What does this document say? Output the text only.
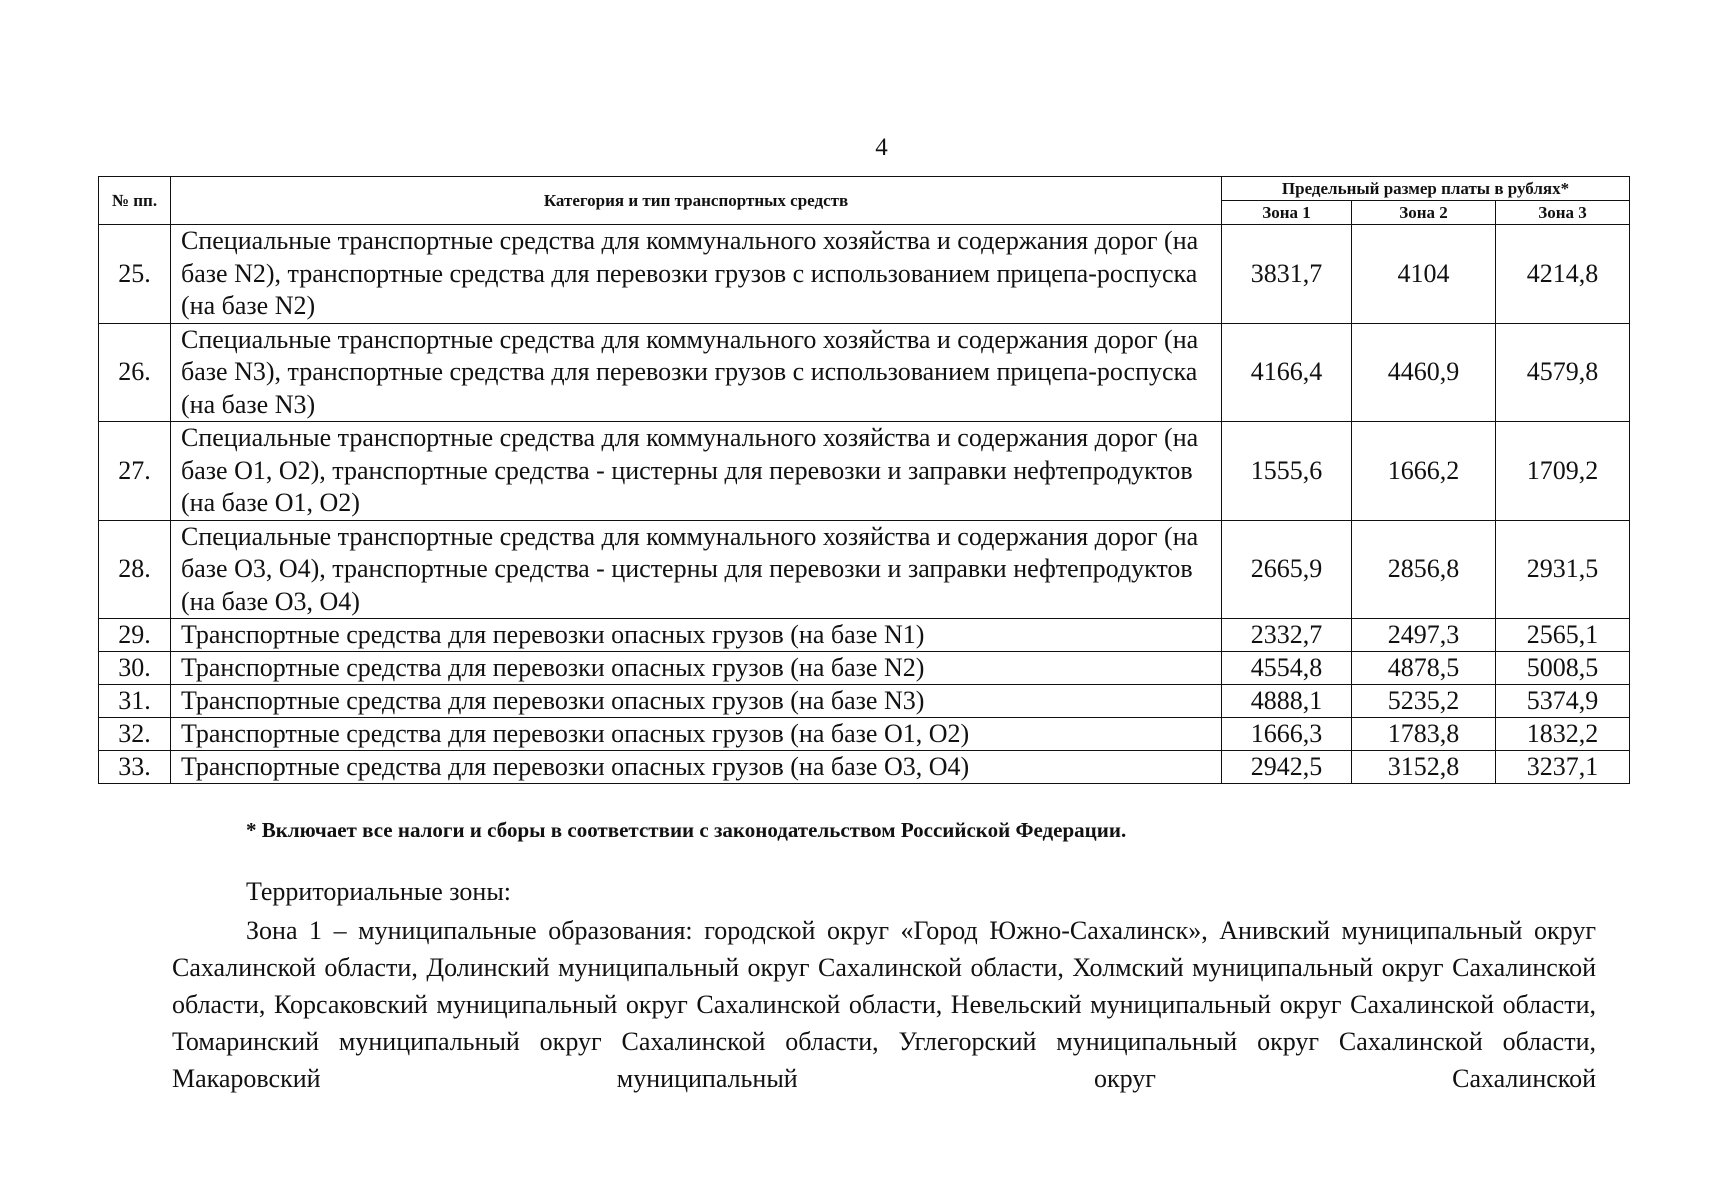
4
№ пп.	Категория и тип транспортных средств	Предельный размер платы в рублях*		
		Зона 1	Зона 2	Зона 3
25.	Специальные транспортные средства для коммунального хозяйства и содержания дорог (на базе N2), транспортные средства для перевозки грузов с использованием прицепа-роспуска (на базе N2)	3831,7	4104	4214,8
26.	Специальные транспортные средства для коммунального хозяйства и содержания дорог (на базе N3), транспортные средства для перевозки грузов с использованием прицепа-роспуска (на базе N3)	4166,4	4460,9	4579,8
27.	Специальные транспортные средства для коммунального хозяйства и содержания дорог (на базе O1, O2), транспортные средства - цистерны для перевозки и заправки нефтепродуктов (на базе O1, O2)	1555,6	1666,2	1709,2
28.	Специальные транспортные средства для коммунального хозяйства и содержания дорог (на базе O3, O4), транспортные средства - цистерны для перевозки и заправки нефтепродуктов (на базе O3, O4)	2665,9	2856,8	2931,5
29.	Транспортные средства для перевозки опасных грузов (на базе N1)	2332,7	2497,3	2565,1
30.	Транспортные средства для перевозки опасных грузов (на базе N2)	4554,8	4878,5	5008,5
31.	Транспортные средства для перевозки опасных грузов (на базе N3)	4888,1	5235,2	5374,9
32.	Транспортные средства для перевозки опасных грузов (на базе O1, O2)	1666,3	1783,8	1832,2
33.	Транспортные средства для перевозки опасных грузов (на базе O3, O4)	2942,5	3152,8	3237,1
* Включает все налоги и сборы в соответствии с законодательством Российской Федерации.
Территориальные зоны:

Зона 1 – муниципальные образования: городской округ «Город Южно-Сахалинск», Анивский муниципальный округ Сахалинской области, Долинский муниципальный округ Сахалинской области, Холмский муниципальный округ Сахалинской области, Корсаковский муниципальный округ Сахалинской области, Невельский муниципальный округ Сахалинской области, Томаринский муниципальный округ Сахалинской области, Углегорский муниципальный округ Сахалинской области, Макаровский муниципальный округ Сахалинской
